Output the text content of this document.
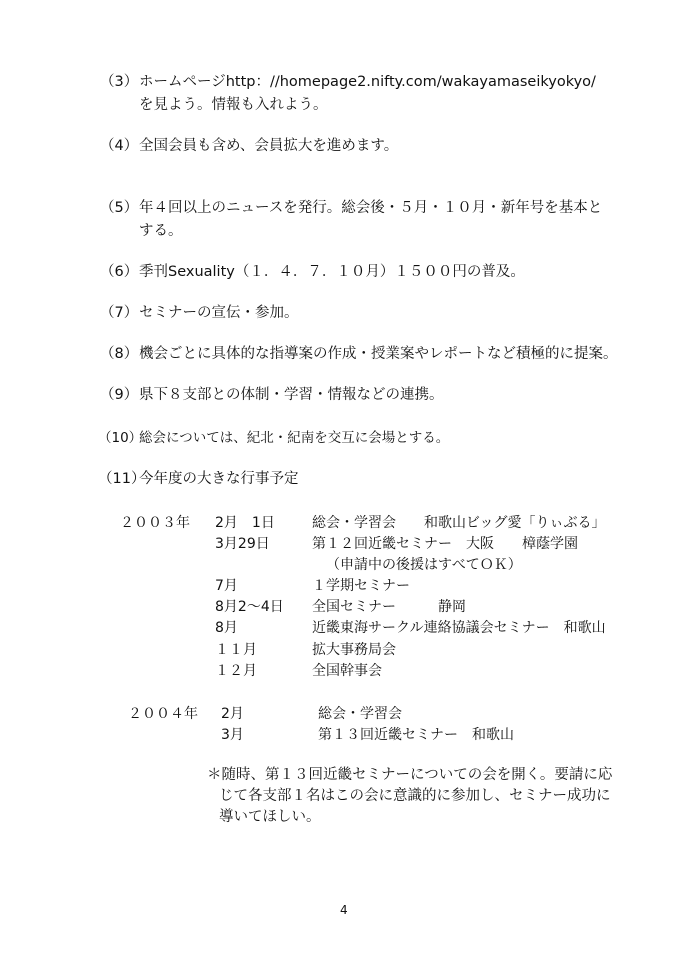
（3） ホームページhttp：//homepage2.nifty.com/wakayamaseikyokyo/
を見よう。情報も入れよう。
（4） 全国会員も含め、会員拡大を進めます。
（5） 年４回以上のニュースを発行。総会後・５月・１０月・新年号を基本と
する。
（6） 季刊Sexuality（１．４．７．１０月）１５００円の普及。
（7） セミナーの宣伝・参加。
（8） 機会ごとに具体的な指導案の作成・授業案やレポートなど積極的に提案。
（9） 県下８支部との体制・学習・情報などの連携。
（10）
総会については、紀北・紀南を交互に会場とする。
（11）
今年度の大きな行事予定
２００３年 2月　1日	総会・学習会　　和歌山ビッグ愛「りぃぶる」
3月29日	第１２回近畿セミナー　大阪　　樟蔭学園
（申請中の後援はすべてＯＫ）
7月	１学期セミナー
8月2～4日 全国セミナー　　　静岡
8月	近畿東海サークル連絡協議会セミナー　和歌山
１１月	拡大事務局会
１２月	全国幹事会
２００４年 2月	総会・学習会
3月	第１３回近畿セミナー　和歌山
＊随時、第１３回近畿セミナーについての会を開く。要請に応
じて各支部１名はこの会に意識的に参加し、セミナー成功に
導いてほしい。
4
